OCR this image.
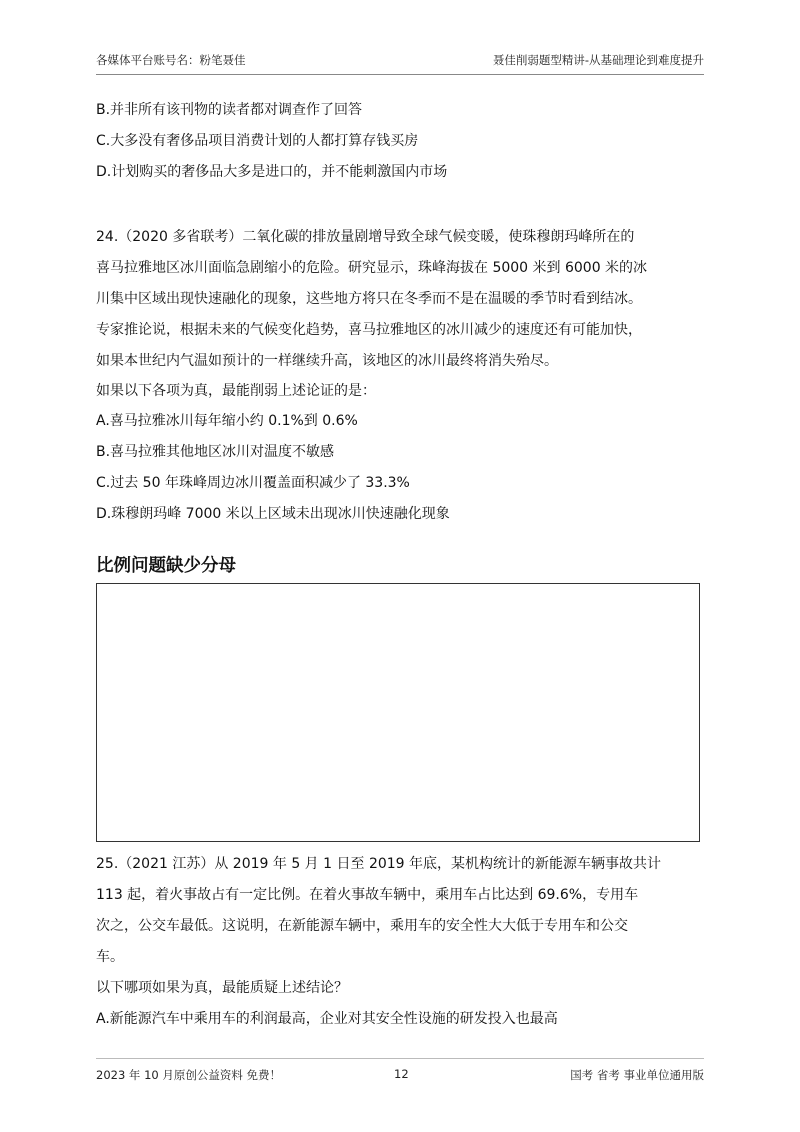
各媒体平台账号名：粉笔聂佳	聂佳削弱题型精讲-从基础理论到难度提升
B.并非所有该刊物的读者都对调查作了回答
C.大多没有奢侈品项目消费计划的人都打算存钱买房
D.计划购买的奢侈品大多是进口的，并不能刺激国内市场
24.（2020 多省联考）二氧化碳的排放量剧增导致全球气候变暖，使珠穆朗玛峰所在的
喜马拉雅地区冰川面临急剧缩小的危险。研究显示，珠峰海拔在 5000 米到 6000 米的冰
川集中区域出现快速融化的现象，这些地方将只在冬季而不是在温暖的季节时看到结冰。
专家推论说，根据未来的气候变化趋势，喜马拉雅地区的冰川减少的速度还有可能加快，
如果本世纪内气温如预计的一样继续升高，该地区的冰川最终将消失殆尽。
如果以下各项为真，最能削弱上述论证的是：
A.喜马拉雅冰川每年缩小约 0.1%到 0.6%
B.喜马拉雅其他地区冰川对温度不敏感
C.过去 50 年珠峰周边冰川覆盖面积减少了 33.3%
D.珠穆朗玛峰 7000 米以上区域未出现冰川快速融化现象
比例问题缺少分母
25.（2021 江苏）从 2019 年 5 月 1 日至 2019 年底，某机构统计的新能源车辆事故共计
113 起，着火事故占有一定比例。在着火事故车辆中，乘用车占比达到 69.6%，专用车
次之，公交车最低。这说明，在新能源车辆中，乘用车的安全性大大低于专用车和公交
车。
以下哪项如果为真，最能质疑上述结论？
A.新能源汽车中乘用车的利润最高，企业对其安全性设施的研发投入也最高
2023 年 10 月原创公益资料 免费！	12	国考 省考 事业单位通用版
